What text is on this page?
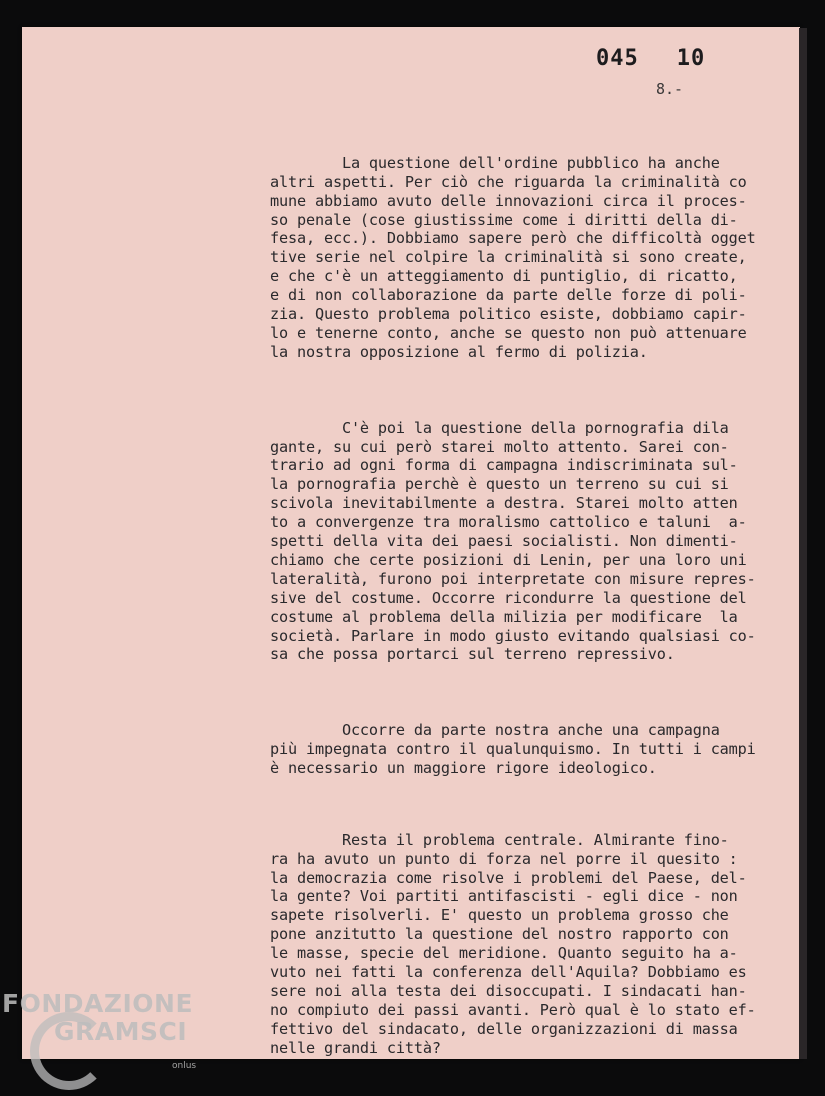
045 10
8.-

La questione dell'ordine pubblico ha anche
altri aspetti. Per ciò che riguarda la criminalità co
mune abbiamo avuto delle innovazioni circa il proces-
so penale (cose giustissime come i diritti della di-
fesa, ecc.). Dobbiamo sapere però che difficoltà ogget
tive serie nel colpire la criminalità si sono create,
e che c'è un atteggiamento di puntiglio, di ricatto,
e di non collaborazione da parte delle forze di poli-
zia. Questo problema politico esiste, dobbiamo capir-
lo e tenerne conto, anche se questo non può attenuare
la nostra opposizione al fermo di polizia.

C'è poi la questione della pornografia dila
gante, su cui però starei molto attento. Sarei con-
trario ad ogni forma di campagna indiscriminata sul-
la pornografia perchè è questo un terreno su cui si
scivola inevitabilmente a destra. Starei molto atten
to a convergenze tra moralismo cattolico e taluni  a-
spetti della vita dei paesi socialisti. Non dimenti-
chiamo che certe posizioni di Lenin, per una loro uni
lateralità, furono poi interpretate con misure repres-
sive del costume. Occorre ricondurre la questione del
costume al problema della milizia per modificare  la
società. Parlare in modo giusto evitando qualsiasi co-
sa che possa portarci sul terreno repressivo.

Occorre da parte nostra anche una campagna
più impegnata contro il qualunquismo. In tutti i campi
è necessario un maggiore rigore ideologico.

Resta il problema centrale. Almirante fino-
ra ha avuto un punto di forza nel porre il quesito :
la democrazia come risolve i problemi del Paese, del-
la gente? Voi partiti antifascisti - egli dice - non
sapete risolverli. E' questo un problema grosso che
pone anzitutto la questione del nostro rapporto con
le masse, specie del meridione. Quanto seguito ha a-
vuto nei fatti la conferenza dell'Aquila? Dobbiamo es
sere noi alla testa dei disoccupati. I sindacati han-
no compiuto dei passi avanti. Però qual è lo stato ef-
fettivo del sindacato, delle organizzazioni di massa
nelle grandi città?

FONDAZIONE
GRAMSCI
onlus
